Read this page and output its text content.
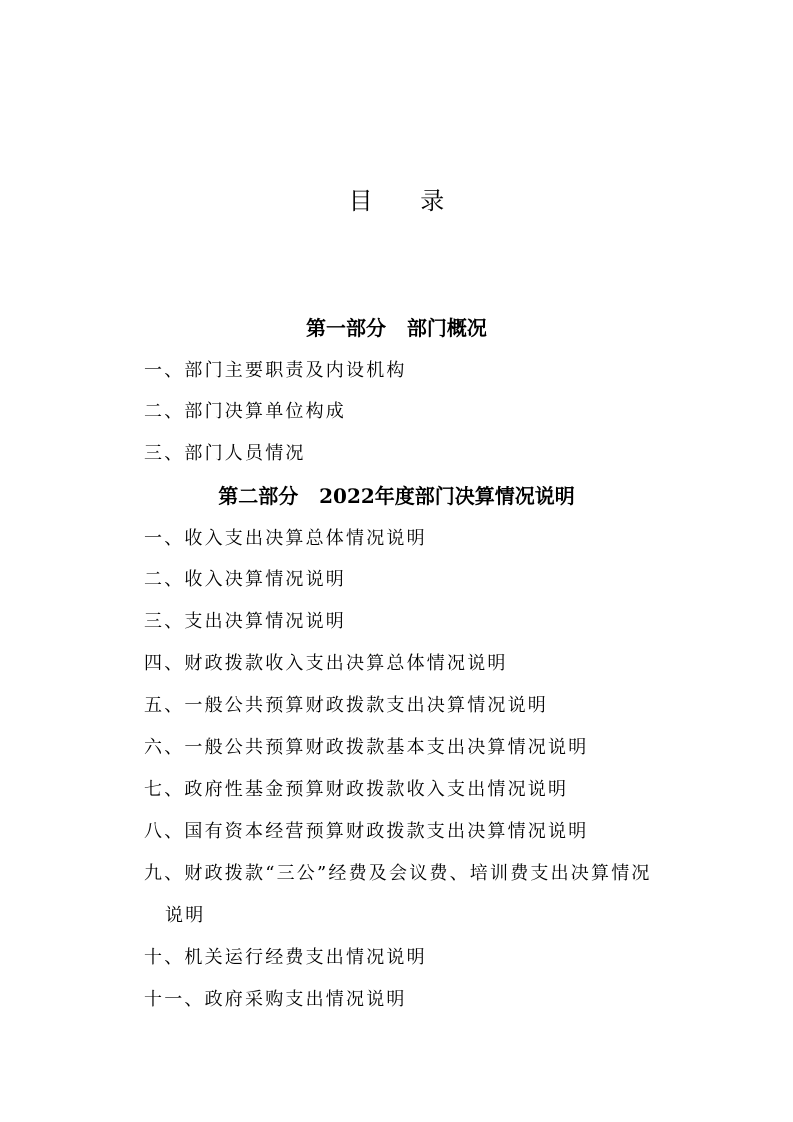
目 录
第一部分   部门概况
一、部门主要职责及内设机构
二、部门决算单位构成
三、部门人员情况
第二部分   2022年度部门决算情况说明
一、收入支出决算总体情况说明
二、收入决算情况说明
三、支出决算情况说明
四、财政拨款收入支出决算总体情况说明
五、一般公共预算财政拨款支出决算情况说明
六、一般公共预算财政拨款基本支出决算情况说明
七、政府性基金预算财政拨款收入支出情况说明
八、国有资本经营预算财政拨款支出决算情况说明
九、财政拨款“三公”经费及会议费、培训费支出决算情况
说明
十、机关运行经费支出情况说明
十一、政府采购支出情况说明
